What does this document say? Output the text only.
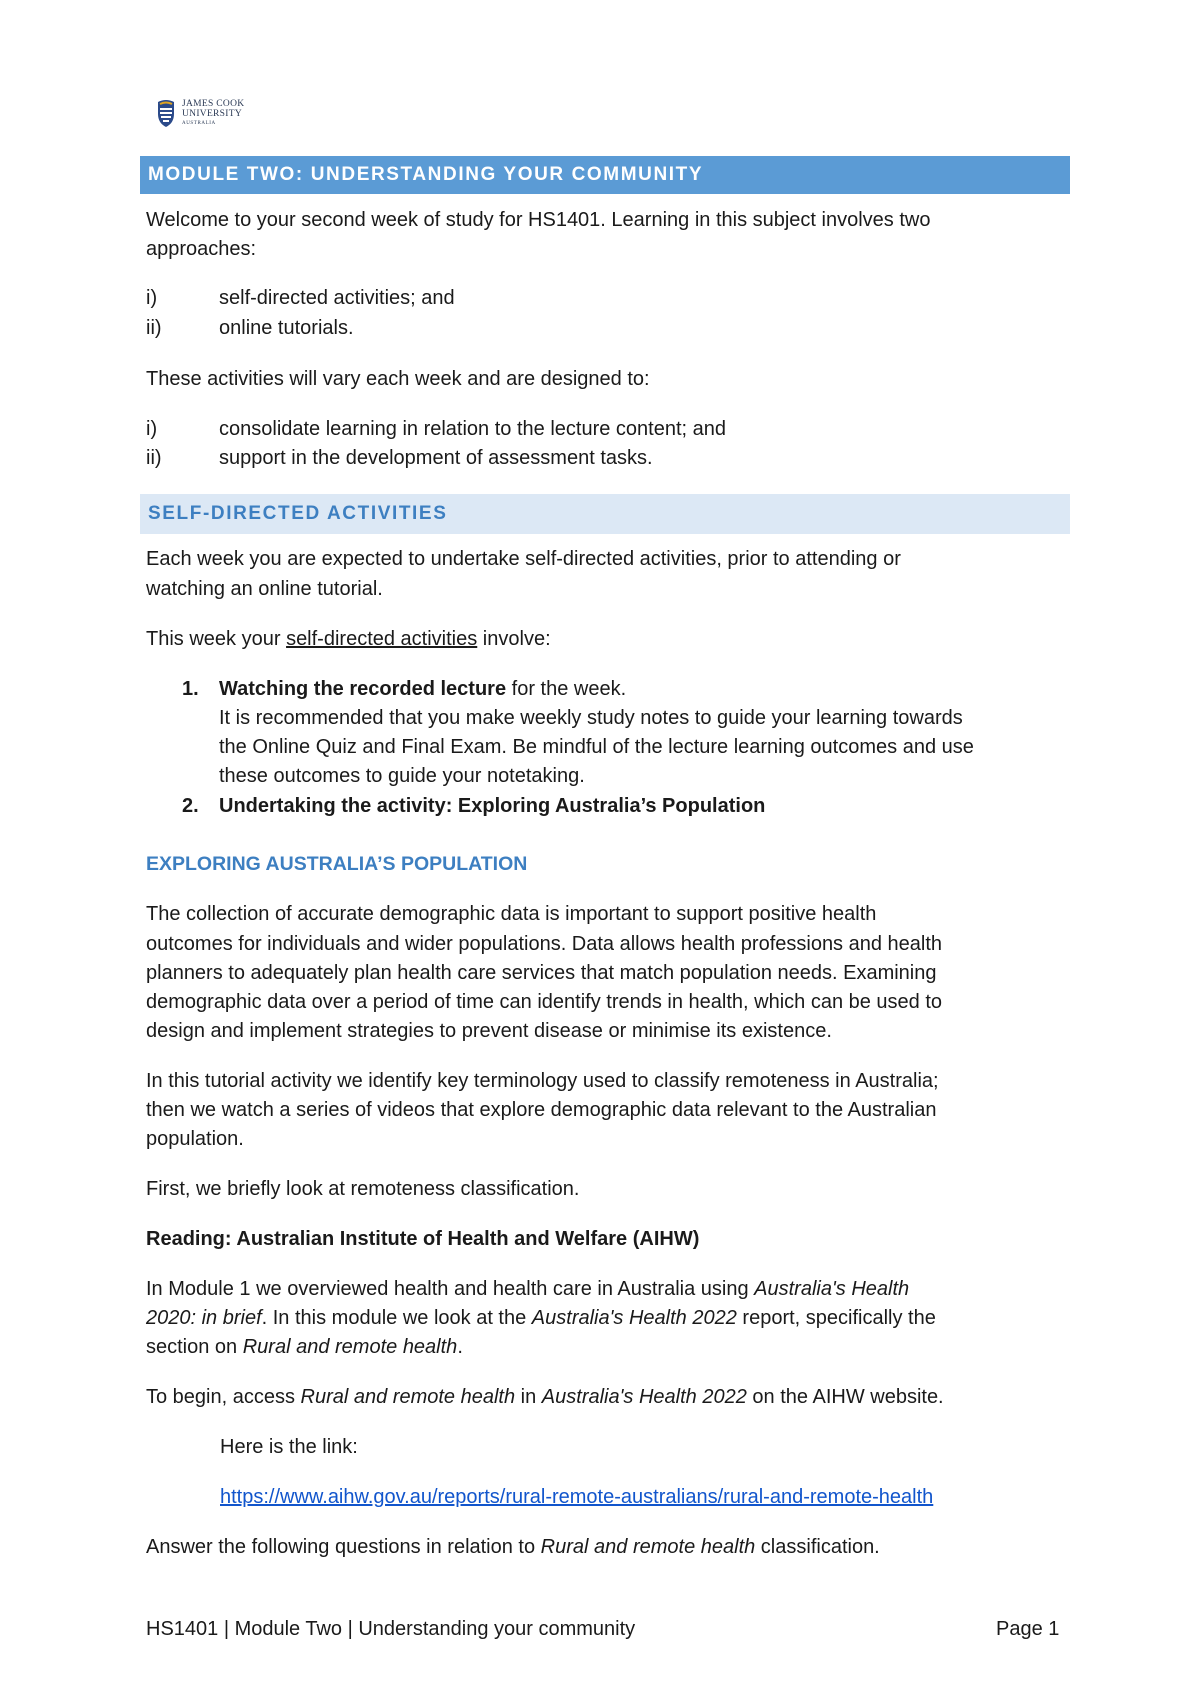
JAMES COOK
UNIVERSITY
AUSTRALIA
MODULE TWO: UNDERSTANDING YOUR COMMUNITY
Welcome to your second week of study for HS1401. Learning in this subject involves two
approaches:
i)	self-directed activities; and
ii)	online tutorials.
These activities will vary each week and are designed to:
i)	consolidate learning in relation to the lecture content; and
ii)	support in the development of assessment tasks.
SELF-DIRECTED ACTIVITIES
Each week you are expected to undertake self-directed activities, prior to attending or
watching an online tutorial.
This week your self-directed activities involve:
1. Watching the recorded lecture for the week.
It is recommended that you make weekly study notes to guide your learning towards
the Online Quiz and Final Exam. Be mindful of the lecture learning outcomes and use
these outcomes to guide your notetaking.
2. Undertaking the activity: Exploring Australia’s Population
EXPLORING AUSTRALIA’S POPULATION
The collection of accurate demographic data is important to support positive health
outcomes for individuals and wider populations. Data allows health professions and health
planners to adequately plan health care services that match population needs. Examining
demographic data over a period of time can identify trends in health, which can be used to
design and implement strategies to prevent disease or minimise its existence.
In this tutorial activity we identify key terminology used to classify remoteness in Australia;
then we watch a series of videos that explore demographic data relevant to the Australian
population.
First, we briefly look at remoteness classification.
Reading: Australian Institute of Health and Welfare (AIHW)
In Module 1 we overviewed health and health care in Australia using Australia's Health
2020: in brief. In this module we look at the Australia's Health 2022 report, specifically the
section on Rural and remote health.
To begin, access Rural and remote health in Australia's Health 2022 on the AIHW website.
Here is the link:
https://www.aihw.gov.au/reports/rural-remote-australians/rural-and-remote-health
Answer the following questions in relation to Rural and remote health classification.
HS1401 | Module Two | Understanding your community	Page 1
